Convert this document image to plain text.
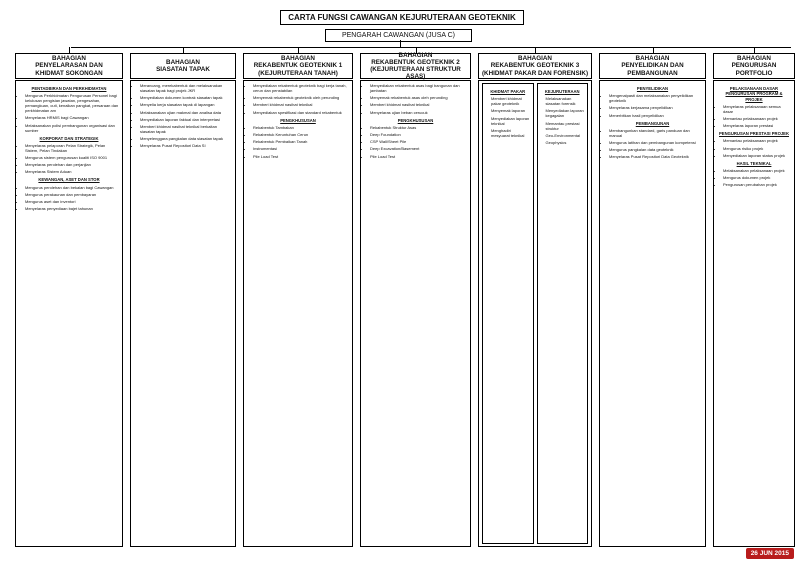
CARTA FUNGSI CAWANGAN KEJURUTERAAN GEOTEKNIK
PENGARAH CAWANGAN (JUSA C)
BAHAGIAN
PENYELARASAN DAN
KHIDMAT SOKONGAN
PENTADBIRAN DAN PERKHIDMATAN
• Mengurus Perkhidmatan Pengurusan Personel bagi kelulusan pengisian jawatan, pengesahan, pemangkuan, cuti, kenaikan pangkat, persaraan dan perkhidmatan am
• Menyelaras HRMIS bagi Cawangan
• Melaksanakan polisi pembangunan organisasi dan sumber
KORPORAT DAN STRATEGIK
• Menyelaras pelaporan Pelan Strategik, Pelan Sistem, Pelan Tindakan
• Mengurus sistem pengurusan kualiti ISO 9001
• Menyelaras perolehan dan perjanjian
• Menyelaras Sistem Aduan
KEWANGAN, ASET DAN STOR
• Mengurus perolehan dan bekalan bagi Cawangan
• Mengurus perakaunan dan pembayaran
• Mengurus aset dan inventori
• Menyelaras penyediaan bajet tahunan
BAHAGIAN
SIASATAN TAPAK
• Merancang, merekabentuk dan melaksanakan siasatan tapak bagi projek JKR
• Menyediakan dokumen kontrak siasatan tapak
• Menyelia kerja siasatan tapak di lapangan
• Melaksanakan ujian makmal dan analisa data
• Menyediakan laporan faktual dan interpretasi
• Memberi khidmat nasihat teknikal berkaitan siasatan tapak
• Menyelenggara pangkalan data siasatan tapak
• Menyelaras Pusat Repositori Data SI
BAHAGIAN
REKABENTUK GEOTEKNIK 1
(KEJURUTERAAN TANAH)
• Menyediakan rekabentuk geoteknik bagi kerja tanah, cerun dan penstabilan
• Menyemak rekabentuk geoteknik oleh perunding
• Memberi khidmat nasihat teknikal
• Menyediakan spesifikasi dan standard rekabentuk
PENGKHUSUSAN
• Rekabentuk Tambakan
• Rekabentuk Keruntuhan Cerun
• Rekabentuk Pembaikan Tanah
• Instrumentasi
• Pile Load Test
BAHAGIAN
REKABENTUK GEOTEKNIK 2
(KEJURUTERAAN STRUKTUR ASAS)
• Menyediakan rekabentuk asas bagi bangunan dan jambatan
• Menyemak rekabentuk asas oleh perunding
• Memberi khidmat nasihat teknikal
• Menyelaras ujian beban cerucuk
PENGKHUSUSAN
• Rekabentuk Struktur Asas
• Deep Foundation
• CSP Wall/Sheet Pile
• Deep Excavation/Basement
• Pile Load Test
BAHAGIAN
REKABENTUK GEOTEKNIK 3
(KHIDMAT PAKAR DAN FORENSIK)
KHIDMAT PAKAR
• Memberi khidmat pakar geoteknik
• Menyemak laporan
• Menyediakan laporan teknikal
• Menghadiri mesyuarat teknikal
KEJURUTERAAN
• Melaksanakan siasatan forensik
• Menyediakan laporan kegagalan
• Memantau prestasi struktur
• Geo-Environmental
• Geophysics
BAHAGIAN
PENYELIDIKAN DAN
PEMBANGUNAN
PENYELIDIKAN
• Mengenalpasti dan melaksanakan penyelidikan geoteknik
• Menyelaras kerjasama penyelidikan
• Menerbitkan hasil penyelidikan
PEMBANGUNAN
• Membangunkan standard, garis panduan dan manual
• Mengurus latihan dan pembangunan kompetensi
• Mengurus pangkalan data geoteknik
• Menyelaras Pusat Repositori Data Geoteknik
BAHAGIAN
PENGURUSAN PORTFOLIO
PELAKSANAAN DASAR PENGURUSAN PROGRAM & PROJEK
• Menyelaras pelaksanaan semua dasar
• Memantau pelaksanaan projek
• Menyelaras laporan prestasi
PENGURUSAN PRESTASI PROJEK
• Memantau pelaksanaan projek
• Mengurus risiko projek
• Menyediakan laporan status projek
HASIL TEKNIKAL
• Melaksanakan pelaksanaan projek
• Mengurus dokumen projek
• Pengurusan perubahan projek
26 JUN 2015
